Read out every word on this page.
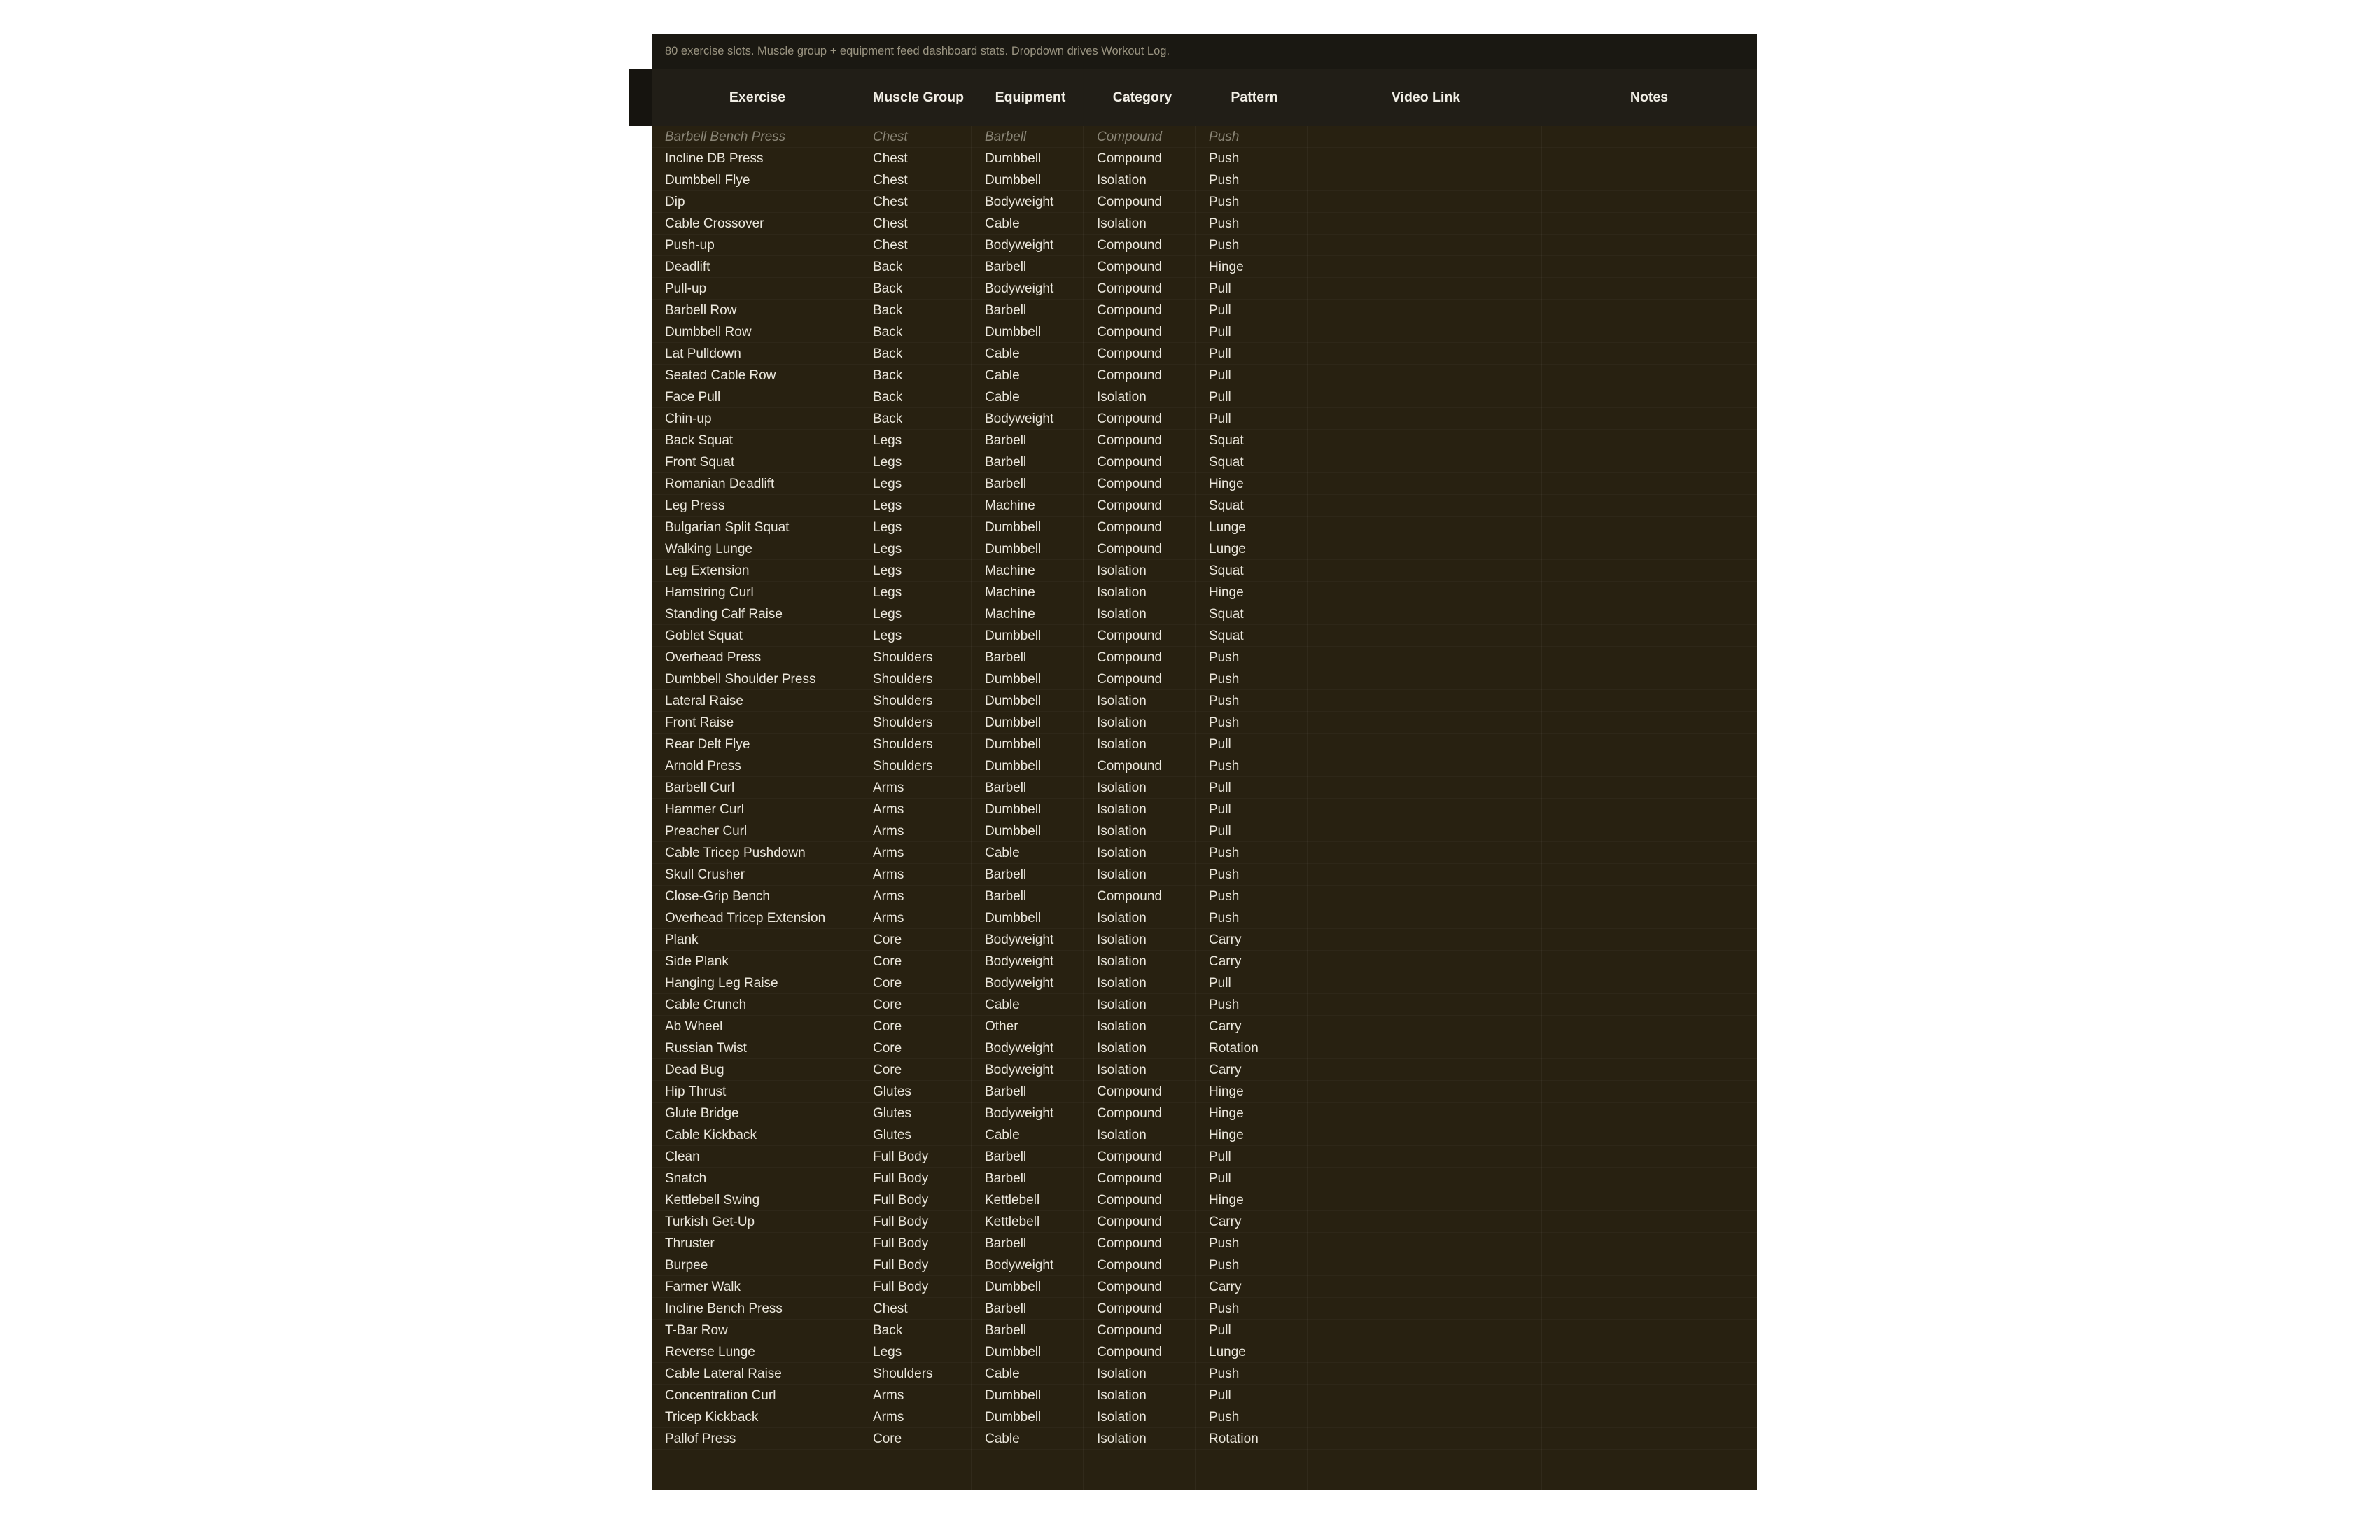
80 exercise slots. Muscle group + equipment feed dashboard stats. Dropdown drives Workout Log.
Exercise	Muscle Group	Equipment	Category	Pattern	Video Link	Notes
Barbell Bench Press	Chest	Barbell	Compound	Push
Incline DB Press	Chest	Dumbbell	Compound	Push
Dumbbell Flye	Chest	Dumbbell	Isolation	Push
Dip	Chest	Bodyweight	Compound	Push
Cable Crossover	Chest	Cable	Isolation	Push
Push-up	Chest	Bodyweight	Compound	Push
Deadlift	Back	Barbell	Compound	Hinge
Pull-up	Back	Bodyweight	Compound	Pull
Barbell Row	Back	Barbell	Compound	Pull
Dumbbell Row	Back	Dumbbell	Compound	Pull
Lat Pulldown	Back	Cable	Compound	Pull
Seated Cable Row	Back	Cable	Compound	Pull
Face Pull	Back	Cable	Isolation	Pull
Chin-up	Back	Bodyweight	Compound	Pull
Back Squat	Legs	Barbell	Compound	Squat
Front Squat	Legs	Barbell	Compound	Squat
Romanian Deadlift	Legs	Barbell	Compound	Hinge
Leg Press	Legs	Machine	Compound	Squat
Bulgarian Split Squat	Legs	Dumbbell	Compound	Lunge
Walking Lunge	Legs	Dumbbell	Compound	Lunge
Leg Extension	Legs	Machine	Isolation	Squat
Hamstring Curl	Legs	Machine	Isolation	Hinge
Standing Calf Raise	Legs	Machine	Isolation	Squat
Goblet Squat	Legs	Dumbbell	Compound	Squat
Overhead Press	Shoulders	Barbell	Compound	Push
Dumbbell Shoulder Press	Shoulders	Dumbbell	Compound	Push
Lateral Raise	Shoulders	Dumbbell	Isolation	Push
Front Raise	Shoulders	Dumbbell	Isolation	Push
Rear Delt Flye	Shoulders	Dumbbell	Isolation	Pull
Arnold Press	Shoulders	Dumbbell	Compound	Push
Barbell Curl	Arms	Barbell	Isolation	Pull
Hammer Curl	Arms	Dumbbell	Isolation	Pull
Preacher Curl	Arms	Dumbbell	Isolation	Pull
Cable Tricep Pushdown	Arms	Cable	Isolation	Push
Skull Crusher	Arms	Barbell	Isolation	Push
Close-Grip Bench	Arms	Barbell	Compound	Push
Overhead Tricep Extension	Arms	Dumbbell	Isolation	Push
Plank	Core	Bodyweight	Isolation	Carry
Side Plank	Core	Bodyweight	Isolation	Carry
Hanging Leg Raise	Core	Bodyweight	Isolation	Pull
Cable Crunch	Core	Cable	Isolation	Push
Ab Wheel	Core	Other	Isolation	Carry
Russian Twist	Core	Bodyweight	Isolation	Rotation
Dead Bug	Core	Bodyweight	Isolation	Carry
Hip Thrust	Glutes	Barbell	Compound	Hinge
Glute Bridge	Glutes	Bodyweight	Compound	Hinge
Cable Kickback	Glutes	Cable	Isolation	Hinge
Clean	Full Body	Barbell	Compound	Pull
Snatch	Full Body	Barbell	Compound	Pull
Kettlebell Swing	Full Body	Kettlebell	Compound	Hinge
Turkish Get-Up	Full Body	Kettlebell	Compound	Carry
Thruster	Full Body	Barbell	Compound	Push
Burpee	Full Body	Bodyweight	Compound	Push
Farmer Walk	Full Body	Dumbbell	Compound	Carry
Incline Bench Press	Chest	Barbell	Compound	Push
T-Bar Row	Back	Barbell	Compound	Pull
Reverse Lunge	Legs	Dumbbell	Compound	Lunge
Cable Lateral Raise	Shoulders	Cable	Isolation	Push
Concentration Curl	Arms	Dumbbell	Isolation	Pull
Tricep Kickback	Arms	Dumbbell	Isolation	Push
Pallof Press	Core	Cable	Isolation	Rotation
